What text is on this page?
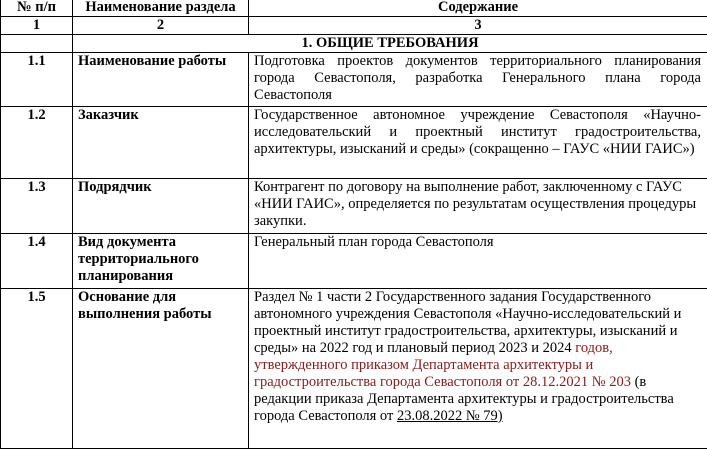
№ п/п	Наименование раздела	Содержание
1	2	3
	1. ОБЩИЕ ТРЕБОВАНИЯ	
1.1	Наименование работы	Подготовка проектов документов территориального планирования города Севастополя, разработка Генерального плана города Севастополя
1.2	Заказчик	Государственное автономное учреждение Севастополя «Научно-исследовательский и проектный институт градостроительства, архитектуры, изысканий и среды» (сокращенно – ГАУС «НИИ ГАИС»)
1.3	Подрядчик	Контрагент по договору на выполнение работ, заключенному с ГАУС «НИИ ГАИС», определяется по результатам осуществления процедуры закупки.
1.4	Вид документа территориального планирования	Генеральный план города Севастополя
1.5	Основание для выполнения работы	Раздел № 1 части 2 Государственного задания Государственного автономного учреждения Севастополя «Научно-исследовательский и проектный институт градостроительства, архитектуры, изысканий и среды» на 2022 год и плановый период 2023 и 2024 годов, утвержденного приказом Департамента архитектуры и градостроительства города Севастополя от 28.12.2021 № 203 (в редакции приказа Департамента архитектуры и градостроительства города Севастополя от 23.08.2022 № 79)
